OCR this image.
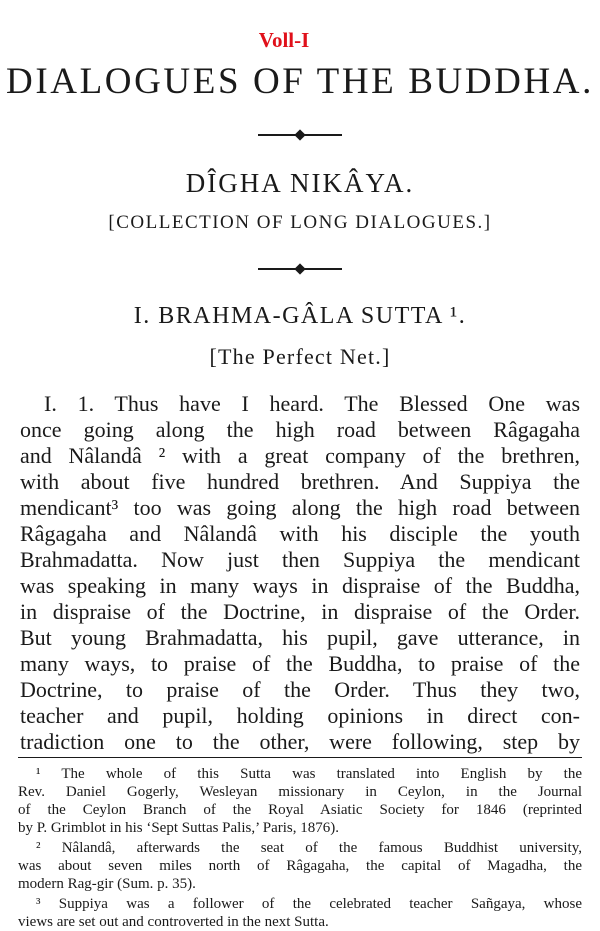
Voll-I
DIALOGUES OF THE BUDDHA.
DÎGHA NIKÂYA.
[COLLECTION OF LONG DIALOGUES.]
I. BRAHMA-GÂLA SUTTA ¹.
[The Perfect Net.]
I. 1. Thus have I heard. The Blessed One was
once going along the high road between Râgagaha
and Nâlandâ ² with a great company of the brethren,
with about five hundred brethren. And Suppiya the
mendicant³ too was going along the high road between
Râgagaha and Nâlandâ with his disciple the youth
Brahmadatta. Now just then Suppiya the mendicant
was speaking in many ways in dispraise of the Buddha,
in dispraise of the Doctrine, in dispraise of the Order.
But young Brahmadatta, his pupil, gave utterance, in
many ways, to praise of the Buddha, to praise of the
Doctrine, to praise of the Order. Thus they two,
teacher and pupil, holding opinions in direct con-
tradiction one to the other, were following, step by
¹ The whole of this Sutta was translated into English by the
Rev. Daniel Gogerly, Wesleyan missionary in Ceylon, in the Journal
of the Ceylon Branch of the Royal Asiatic Society for 1846 (reprinted
by P. Grimblot in his ‘Sept Suttas Palis,’ Paris, 1876).
² Nâlandâ, afterwards the seat of the famous Buddhist university,
was about seven miles north of Râgagaha, the capital of Magadha, the
modern Rag-gir (Sum. p. 35).
³ Suppiya was a follower of the celebrated teacher Sañgaya, whose
views are set out and controverted in the next Sutta.
